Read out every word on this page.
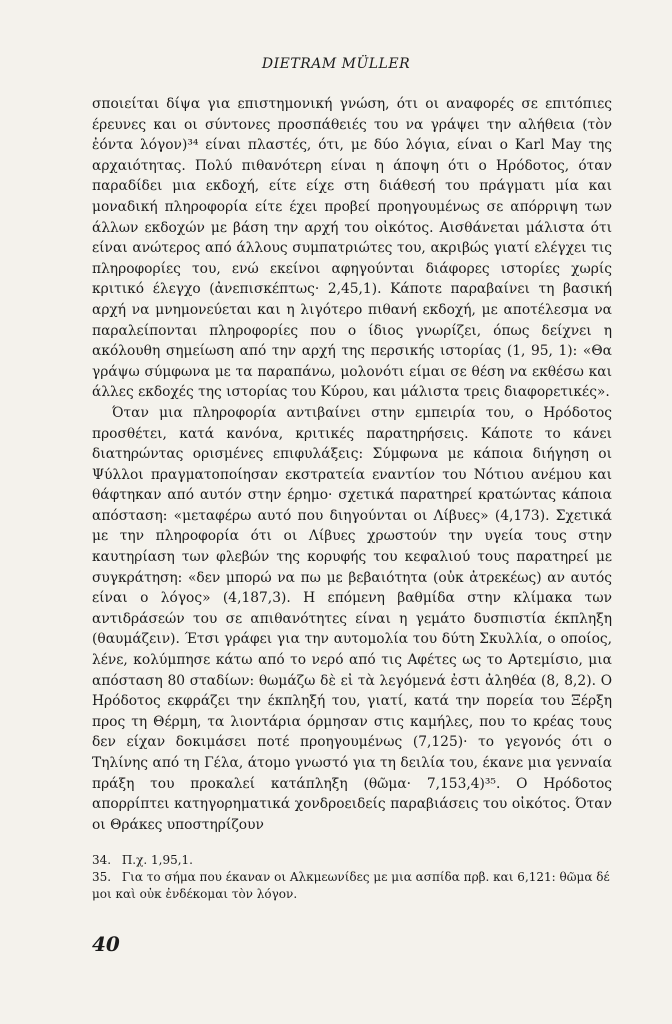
DIETRAM MÜLLER

σποιείται δίψα για επιστημονική γνώση, ότι οι αναφορές σε επιτόπιες έρευνες και οι σύντονες προσπάθειές του να γράψει την αλήθεια (τὸν ἐόντα λόγον)³⁴ είναι πλαστές, ότι, με δύο λόγια, είναι ο Karl May της αρχαιότητας. Πολύ πιθανότερη είναι η άποψη ότι ο Ηρόδοτος, όταν παραδίδει μια εκδοχή, είτε είχε στη διάθεσή του πράγματι μία και μοναδική πληροφορία είτε έχει προβεί προηγουμένως σε απόρριψη των άλλων εκδοχών με βάση την αρχή του οἰκότος. Αισθάνεται μάλιστα ότι είναι ανώτερος από άλλους συμπατριώτες του, ακριβώς γιατί ελέγχει τις πληροφορίες του, ενώ εκείνοι αφηγούνται διάφορες ιστορίες χωρίς κριτικό έλεγχο (ἀνεπισκέπτως· 2,45,1). Κάποτε παραβαίνει τη βασική αρχή να μνημονεύεται και η λιγότερο πιθανή εκδοχή, με αποτέλεσμα να παραλείπονται πληροφορίες που ο ίδιος γνωρίζει, όπως δείχνει η ακόλουθη σημείωση από την αρχή της περσικής ιστορίας (1, 95, 1): «Θα γράψω σύμφωνα με τα παραπάνω, μολονότι είμαι σε θέση να εκθέσω και άλλες εκδοχές της ιστορίας του Κύρου, και μάλιστα τρεις διαφορετικές».

Όταν μια πληροφορία αντιβαίνει στην εμπειρία του, ο Ηρόδοτος προσθέτει, κατά κανόνα, κριτικές παρατηρήσεις. Κάποτε το κάνει διατηρώντας ορισμένες επιφυλάξεις: Σύμφωνα με κάποια διήγηση οι Ψύλλοι πραγματοποίησαν εκστρατεία εναντίον του Νότιου ανέμου και θάφτηκαν από αυτόν στην έρημο· σχετικά παρατηρεί κρατώντας κάποια απόσταση: «μεταφέρω αυτό που διηγούνται οι Λίβυες» (4,173). Σχετικά με την πληροφορία ότι οι Λίβυες χρωστούν την υγεία τους στην καυτηρίαση των φλεβών της κορυφής του κεφαλιού τους παρατηρεί με συγκράτηση: «δεν μπορώ να πω με βεβαιότητα (οὐκ ἀτρεκέως) αν αυτός είναι ο λόγος» (4,187,3). Η επόμενη βαθμίδα στην κλίμακα των αντιδράσεών του σε απιθανότητες είναι η γεμάτο δυσπιστία έκπληξη (θαυμάζειν). Έτσι γράφει για την αυτομολία του δύτη Σκυλλία, ο οποίος, λένε, κολύμπησε κάτω από το νερό από τις Αφέτες ως το Αρτεμίσιο, μια απόσταση 80 σταδίων: θωμάζω δὲ εἰ τὰ λεγόμενά ἐστι ἀληθέα (8, 8,2). Ο Ηρόδοτος εκφράζει την έκπληξή του, γιατί, κατά την πορεία του Ξέρξη προς τη Θέρμη, τα λιοντάρια όρμησαν στις καμήλες, που το κρέας τους δεν είχαν δοκιμάσει ποτέ προηγουμένως (7,125)· το γεγονός ότι ο Τηλίνης από τη Γέλα, άτομο γνωστό για τη δειλία του, έκανε μια γενναία πράξη του προκαλεί κατάπληξη (θῶμα· 7,153,4)³⁵. Ο Ηρόδοτος απορρίπτει κατηγορηματικά χονδροειδείς παραβιάσεις του οἰκότος. Όταν οι Θράκες υποστηρίζουν

34. Π.χ. 1,95,1.

35. Για το σήμα που έκαναν οι Αλκμεωνίδες με μια ασπίδα πρβ. και 6,121: θῶμα δέ μοι καὶ οὐκ ἐνδέκομαι τὸν λόγον.

40
